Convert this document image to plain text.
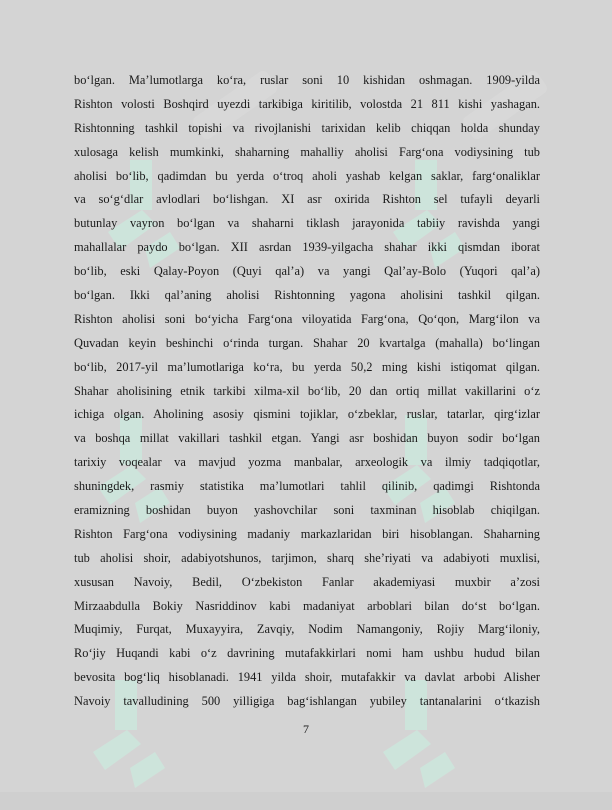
bo‘lgan. Ma’lumotlarga ko‘ra, ruslar soni 10 kishidan oshmagan. 1909-yilda
Rishton volosti Boshqird uyezdi tarkibiga kiritilib, volostda 21 811 kishi yashagan.
Rishtonning tashkil topishi va rivojlanishi tarixidan kelib chiqqan holda shunday
xulosaga kelish mumkinki, shaharning mahalliy aholisi Farg‘ona vodiysining tub
aholisi bo‘lib, qadimdan bu yerda o‘troq aholi yashab kelgan saklar, farg‘onaliklar
va so‘g‘dlar avlodlari bo‘lishgan. XI asr oxirida Rishton sel tufayli deyarli
butunlay vayron bo‘lgan va shaharni tiklash jarayonida tabiiy ravishda yangi
mahallalar paydo bo‘lgan. XII asrdan 1939-yilgacha shahar ikki qismdan iborat
bo‘lib, eski Qalay-Poyon (Quyi qal’a) va yangi Qal’ay-Bolo (Yuqori qal’a)
bo‘lgan. Ikki qal’aning aholisi Rishtonning yagona aholisini tashkil qilgan.
Rishton aholisi soni bo‘yicha Farg‘ona viloyatida Farg‘ona, Qo‘qon, Marg‘ilon va
Quvadan keyin beshinchi o‘rinda turgan. Shahar 20 kvartalga (mahalla) bo‘lingan
bo‘lib, 2017-yil ma’lumotlariga ko‘ra, bu yerda 50,2 ming kishi istiqomat qilgan.
Shahar aholisining etnik tarkibi xilma-xil bo‘lib, 20 dan ortiq millat vakillarini o‘z
ichiga olgan. Aholining asosiy qismini tojiklar, o‘zbeklar, ruslar, tatarlar, qirg‘izlar
va boshqa millat vakillari tashkil etgan. Yangi asr boshidan buyon sodir bo‘lgan
tarixiy voqealar va mavjud yozma manbalar, arxeologik va ilmiy tadqiqotlar,
shuningdek, rasmiy statistika ma’lumotlari tahlil qilinib, qadimgi Rishtonda
eramizning boshidan buyon yashovchilar soni taxminan hisoblab chiqilgan.
Rishton Farg‘ona vodiysining madaniy markazlaridan biri hisoblangan. Shaharning
tub aholisi shoir, adabiyotshunos, tarjimon, sharq she’riyati va adabiyoti muxlisi,
xususan Navoiy, Bedil, O‘zbekiston Fanlar akademiyasi muxbir a’zosi
Mirzaabdulla Bokiy Nasriddinov kabi madaniyat arboblari bilan do‘st bo‘lgan.
Muqimiy, Furqat, Muxayyira, Zavqiy, Nodim Namangoniy, Rojiy Marg‘iloniy,
Ro‘jiy Huqandi kabi o‘z davrining mutafakkirlari nomi ham ushbu hudud bilan
bevosita bog‘liq hisoblanadi. 1941 yilda shoir, mutafakkir va davlat arbobi Alisher
Navoiy tavalludining 500 yilligiga bag‘ishlangan yubiley tantanalarini o‘tkazish
7
